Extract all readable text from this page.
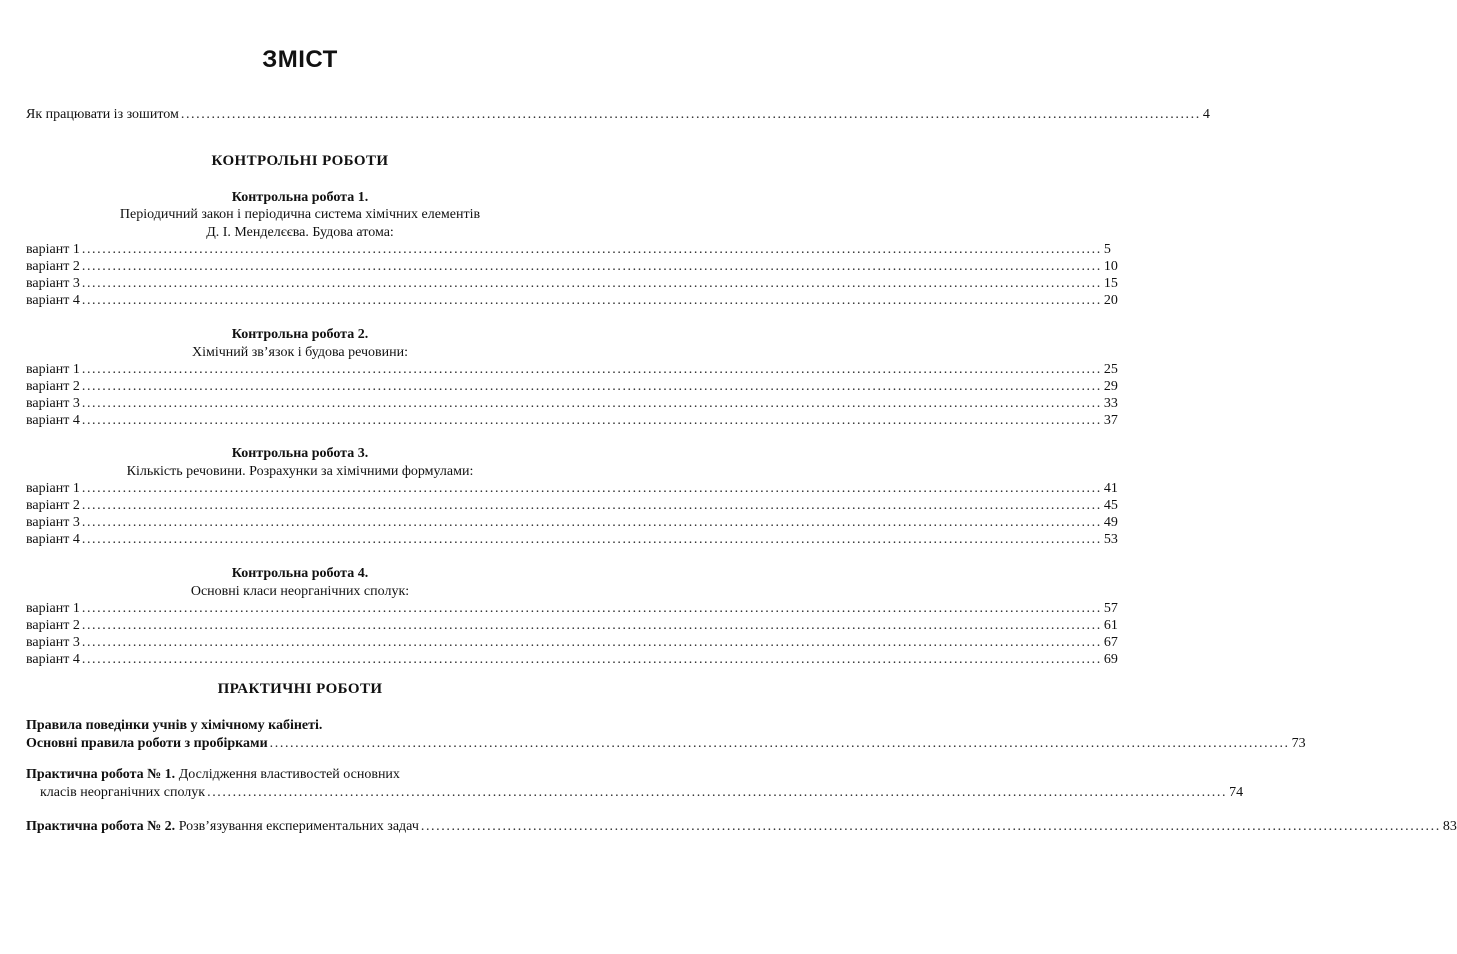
ЗМІСТ
Як працювати із зошитом ........................................................................................................................................................................................................ 4
КОНТРОЛЬНІ РОБОТИ
Контрольна робота 1.
Періодичний закон і періодична система хімічних елементів
Д. І. Менделєєва. Будова атома:
варіант 1 ........................................................................................................................................................................................................ 5
варіант 2 ........................................................................................................................................................................................................ 10
варіант 3 ........................................................................................................................................................................................................ 15
варіант 4 ........................................................................................................................................................................................................ 20
Контрольна робота 2.
Хімічний зв’язок і будова речовини:
варіант 1 ........................................................................................................................................................................................................ 25
варіант 2 ........................................................................................................................................................................................................ 29
варіант 3 ........................................................................................................................................................................................................ 33
варіант 4 ........................................................................................................................................................................................................ 37
Контрольна робота 3.
Кількість речовини. Розрахунки за хімічними формулами:
варіант 1 ........................................................................................................................................................................................................ 41
варіант 2 ........................................................................................................................................................................................................ 45
варіант 3 ........................................................................................................................................................................................................ 49
варіант 4 ........................................................................................................................................................................................................ 53
Контрольна робота 4.
Основні класи неорганічних сполук:
варіант 1 ........................................................................................................................................................................................................ 57
варіант 2 ........................................................................................................................................................................................................ 61
варіант 3 ........................................................................................................................................................................................................ 67
варіант 4 ........................................................................................................................................................................................................ 69
ПРАКТИЧНІ РОБОТИ
Правила поведінки учнів у хімічному кабінеті.
Основні правила роботи з пробірками ........................................................................................................................................................................................................ 73
Практична робота № 1. Дослідження властивостей основних
класів неорганічних сполук ........................................................................................................................................................................................................ 74
Практична робота № 2. Розв’язування експериментальних задач ........................................................................................................................................................................................................ 83
